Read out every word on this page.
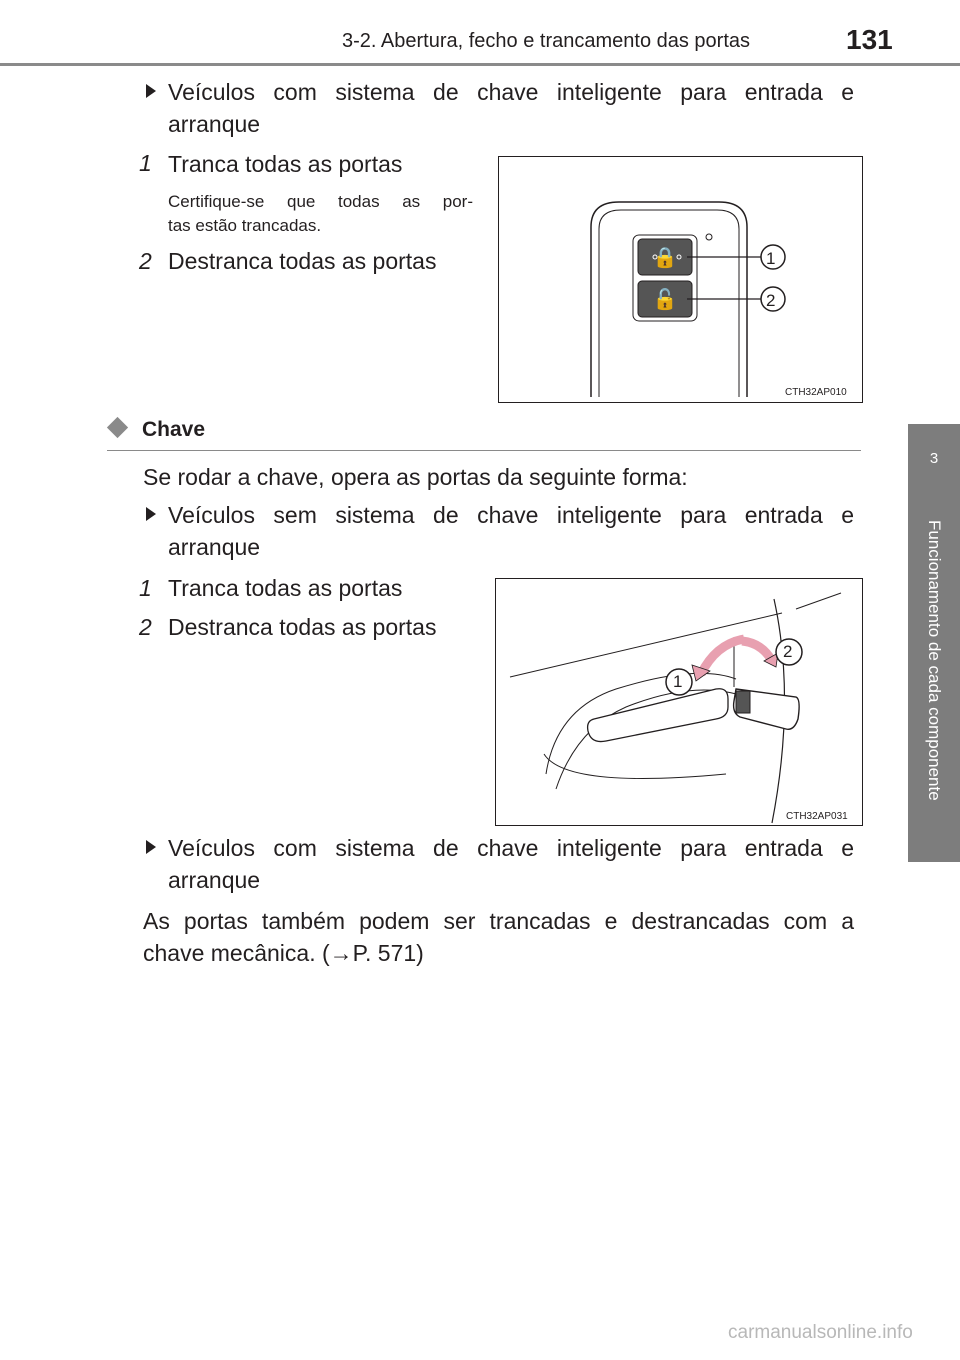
3-2. Abertura, fecho e trancamento das portas	131
3
Funcionamento de cada componente
Veículos com sistema de chave inteligente para entrada e
arranque
1 Tranca todas as portas
Certifique-se que todas as por-
tas estão trancadas.
2 Destranca todas as portas	🔒
🔓
1
2
CTH32AP010
Chave
Se rodar a chave, opera as portas da seguinte forma:
Veículos sem sistema de chave inteligente para entrada e
arranque
1 Tranca todas as portas
2 Destranca todas as portas
1
2
CTH32AP031
Veículos com sistema de chave inteligente para entrada e
arranque
As portas também podem ser trancadas e destrancadas com a
chave mecânica. (→P. 571)
carmanualsonline.info
